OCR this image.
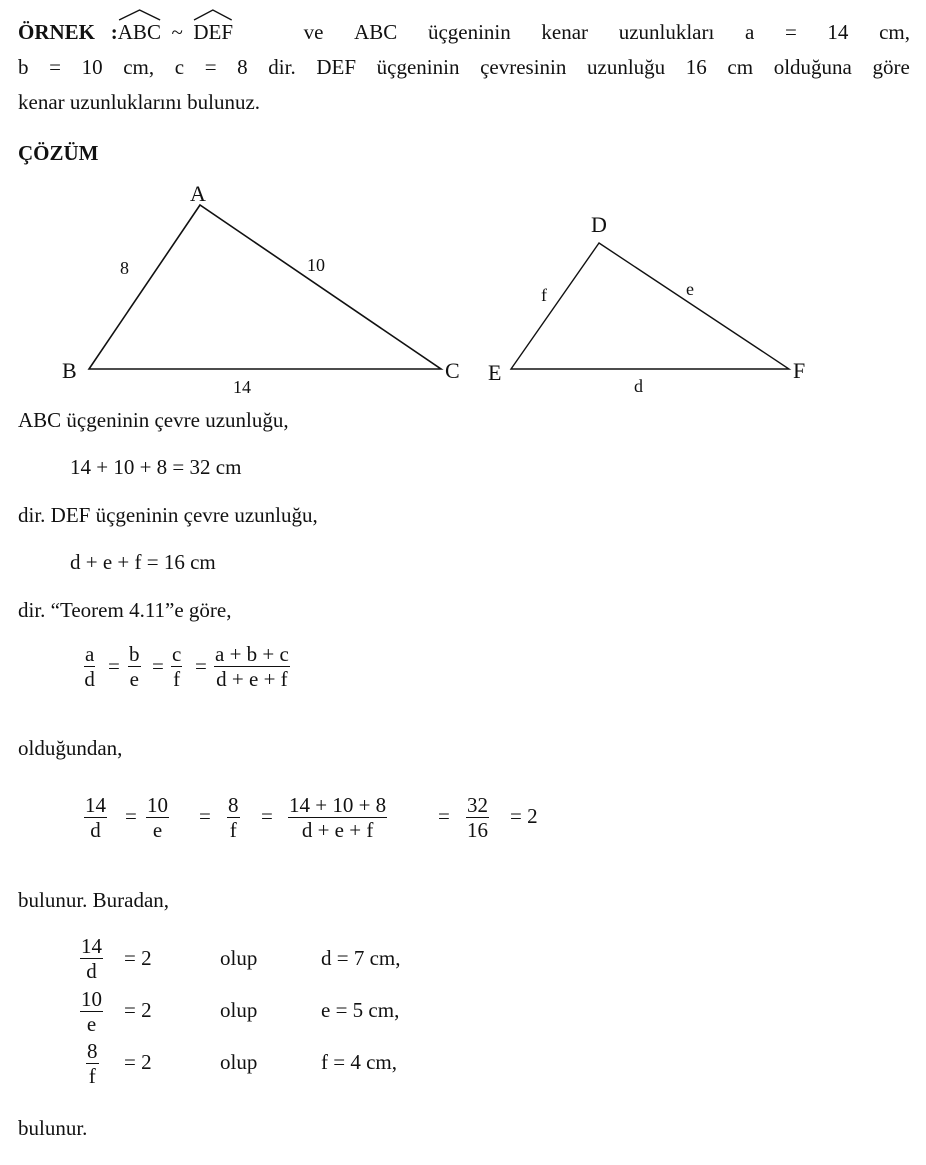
ÖRNEK :
ABC ~ DEF	ve ABC üçgeninin kenar uzunlukları a = 14 cm,
b = 10 cm, c = 8 dir. DEF üçgeninin çevresinin uzunluğu 16 cm olduğuna göre
kenar uzunluklarını bulunuz.
ÇÖZÜM
A
B	C
8	10
14
D
E	F
f	e
d
ABC üçgeninin çevre uzunluğu,
14 + 10 + 8 = 32 cm
dir. DEF üçgeninin çevre uzunluğu,
d + e + f = 16 cm
dir. “Teorem 4.11”e göre,
$\frac{a}{d} = \frac{b}{e} = \frac{c}{f} = \frac{a + b + c}{d + e + f}$
olduğundan,
$\frac{14}{d} = \frac{10}{e} = \frac{8}{f} = \frac{14 + 10 + 8}{d + e + f} = \frac{32}{16} = 2$
bulunur. Buradan,
$\frac{14}{d} = 2$	olup	d = 7 cm,
$\frac{10}{e} = 2$	olup	e = 5 cm,
$\frac{8}{f} = 2$	olup	f = 4 cm,
bulunur.
